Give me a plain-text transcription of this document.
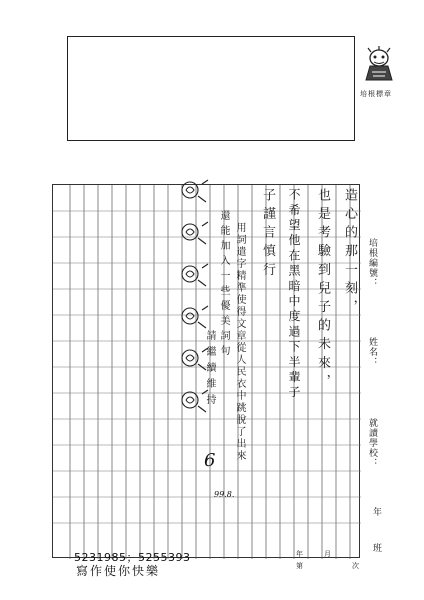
培根標章
造心的那一刻，
也是考驗到兒子的未來，
不希望他在黑暗中度過下半輩子
子謹言慎行
用詞遣字精準使得文章從人民衣中跳脫了出來
還能加入一些優美詞句
請繼續維持
6
99.8.
培根編號：
姓名：
就讀學校：
年
班
年	月
第	次
5231985；5255393
寫作使你快樂
